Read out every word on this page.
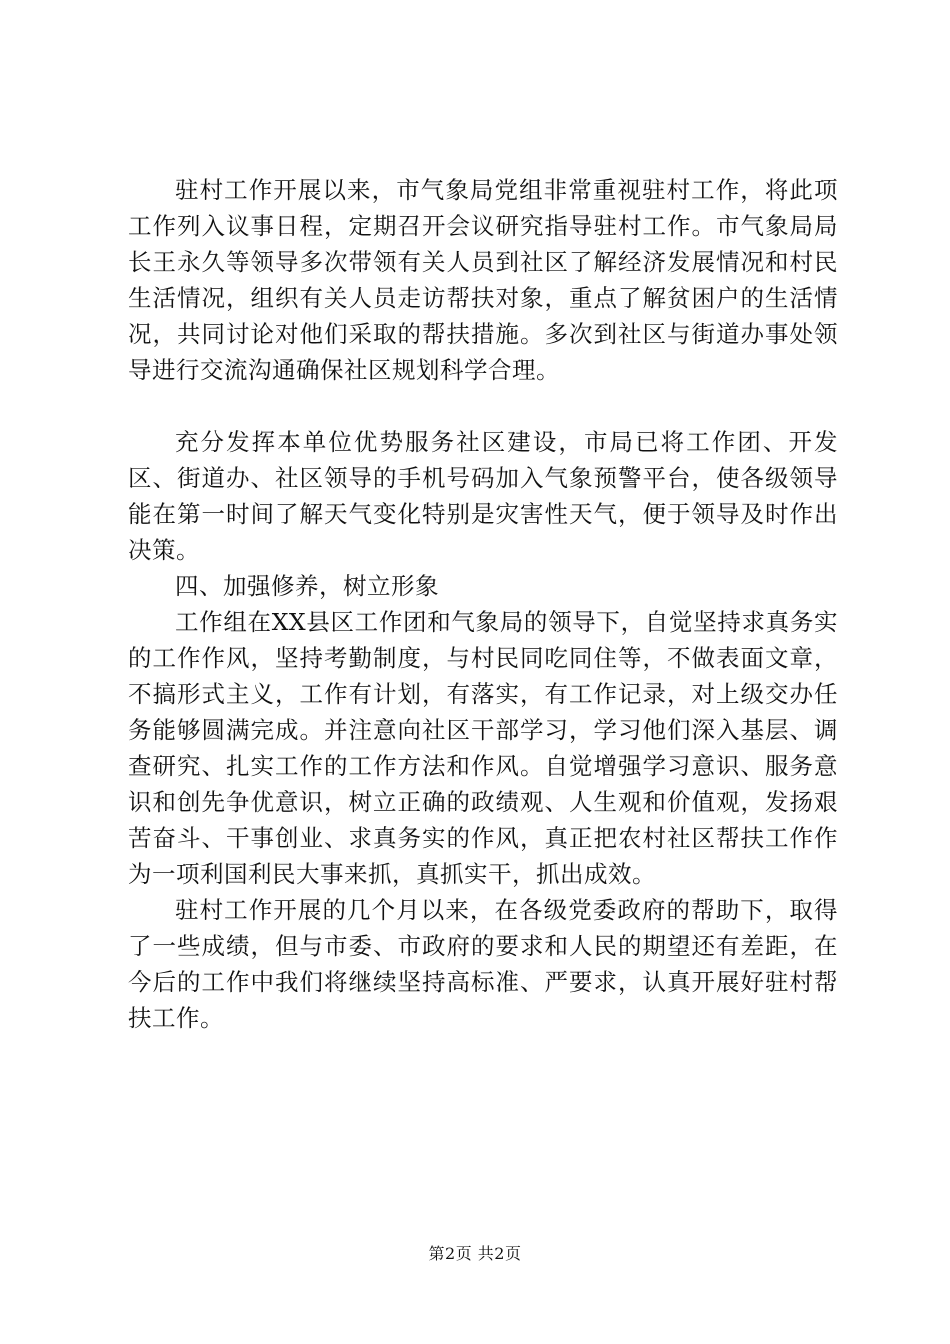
驻村工作开展以来，市气象局党组非常重视驻村工作，将此项工作列入议事日程，定期召开会议研究指导驻村工作。市气象局局长王永久等领导多次带领有关人员到社区了解经济发展情况和村民生活情况，组织有关人员走访帮扶对象，重点了解贫困户的生活情况，共同讨论对他们采取的帮扶措施。多次到社区与街道办事处领导进行交流沟通确保社区规划科学合理。

充分发挥本单位优势服务社区建设，市局已将工作团、开发区、街道办、社区领导的手机号码加入气象预警平台，使各级领导能在第一时间了解天气变化特别是灾害性天气，便于领导及时作出决策。

四、加强修养，树立形象

工作组在XX县区工作团和气象局的领导下，自觉坚持求真务实的工作作风，坚持考勤制度，与村民同吃同住等，不做表面文章，不搞形式主义，工作有计划，有落实，有工作记录，对上级交办任务能够圆满完成。并注意向社区干部学习，学习他们深入基层、调查研究、扎实工作的工作方法和作风。自觉增强学习意识、服务意识和创先争优意识，树立正确的政绩观、人生观和价值观，发扬艰苦奋斗、干事创业、求真务实的作风，真正把农村社区帮扶工作作为一项利国利民大事来抓，真抓实干，抓出成效。

驻村工作开展的几个月以来，在各级党委政府的帮助下，取得了一些成绩，但与市委、市政府的要求和人民的期望还有差距，在今后的工作中我们将继续坚持高标准、严要求，认真开展好驻村帮扶工作。

第2页 共2页
